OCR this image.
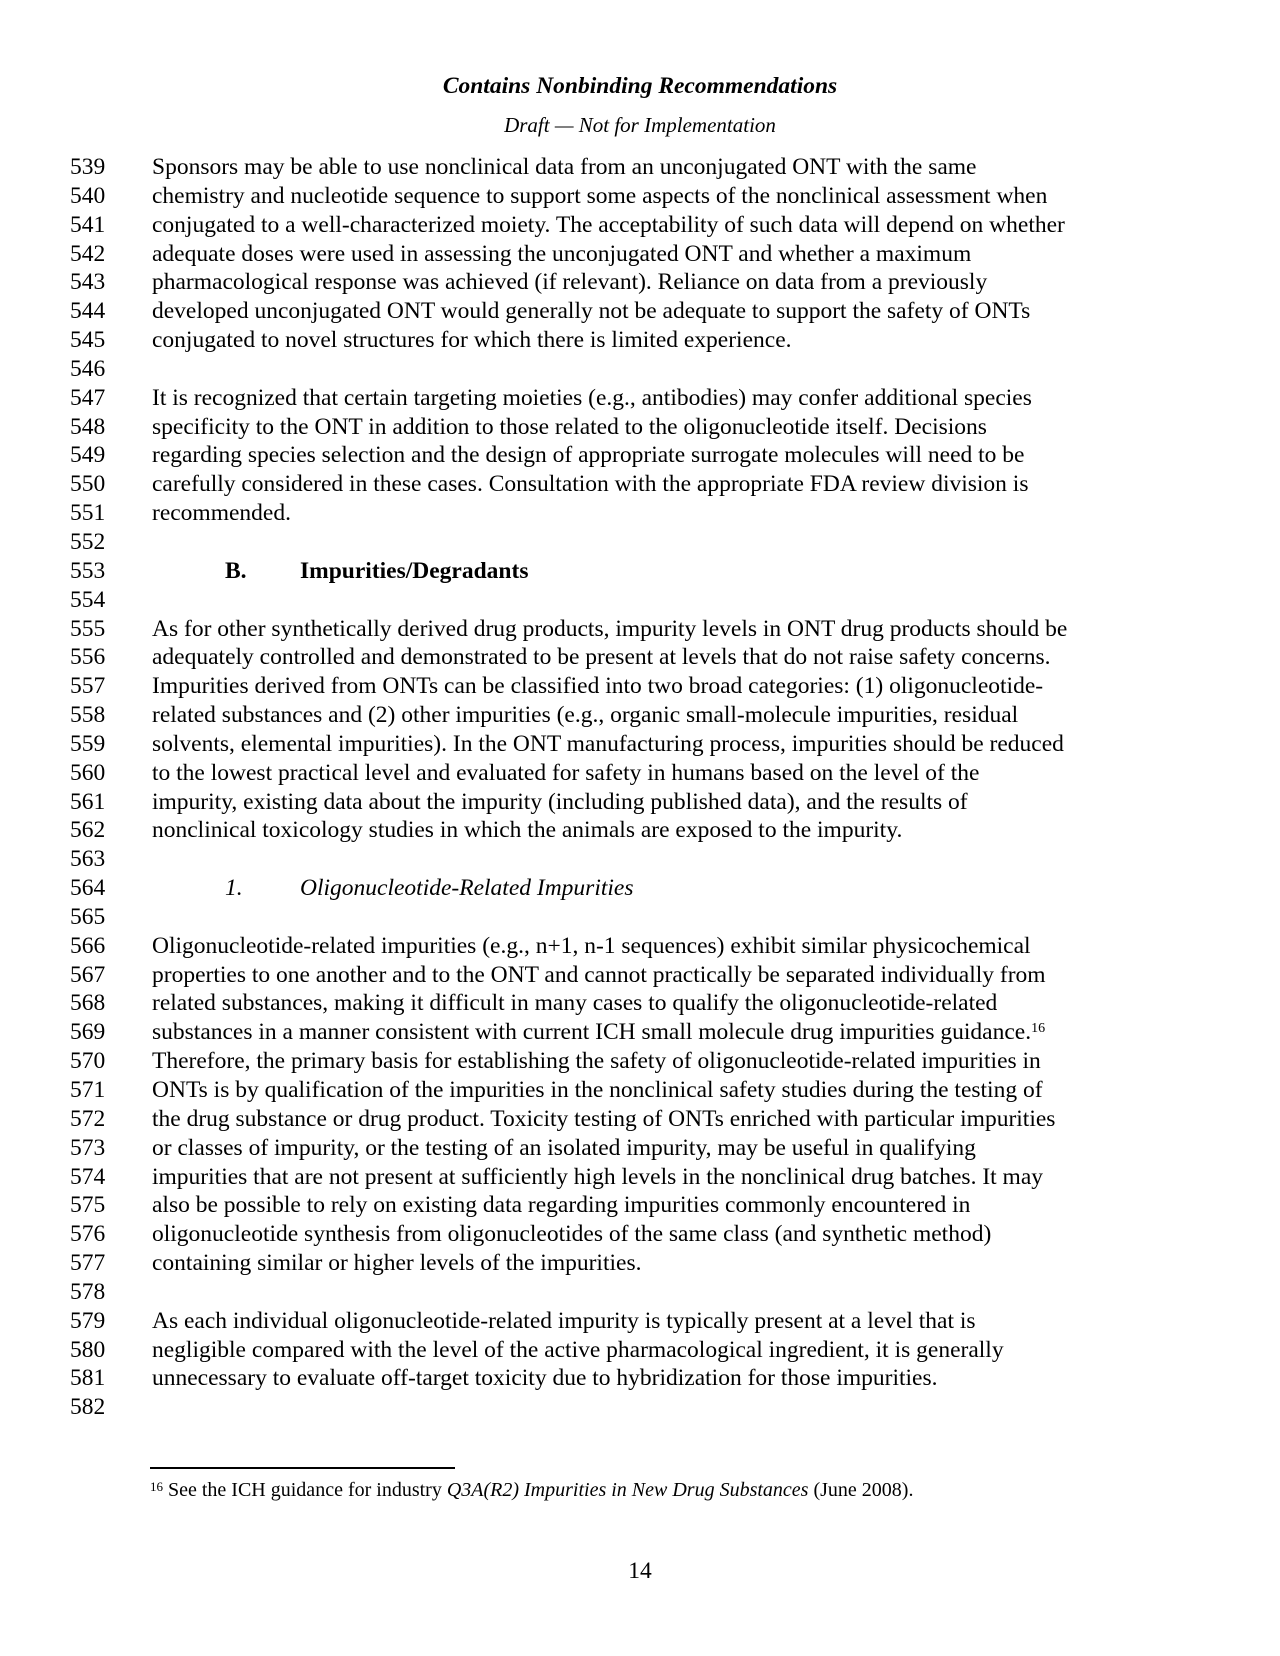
Contains Nonbinding Recommendations
Draft — Not for Implementation
539	Sponsors may be able to use nonclinical data from an unconjugated ONT with the same
540	chemistry and nucleotide sequence to support some aspects of the nonclinical assessment when
541	conjugated to a well-characterized moiety. The acceptability of such data will depend on whether
542	adequate doses were used in assessing the unconjugated ONT and whether a maximum
543	pharmacological response was achieved (if relevant). Reliance on data from a previously
544	developed unconjugated ONT would generally not be adequate to support the safety of ONTs
545	conjugated to novel structures for which there is limited experience.
546
547	It is recognized that certain targeting moieties (e.g., antibodies) may confer additional species
548	specificity to the ONT in addition to those related to the oligonucleotide itself. Decisions
549	regarding species selection and the design of appropriate surrogate molecules will need to be
550	carefully considered in these cases. Consultation with the appropriate FDA review division is
551	recommended.
552
553	B. Impurities/Degradants
554
555	As for other synthetically derived drug products, impurity levels in ONT drug products should be
556	adequately controlled and demonstrated to be present at levels that do not raise safety concerns.
557	Impurities derived from ONTs can be classified into two broad categories: (1) oligonucleotide-
558	related substances and (2) other impurities (e.g., organic small-molecule impurities, residual
559	solvents, elemental impurities). In the ONT manufacturing process, impurities should be reduced
560	to the lowest practical level and evaluated for safety in humans based on the level of the
561	impurity, existing data about the impurity (including published data), and the results of
562	nonclinical toxicology studies in which the animals are exposed to the impurity.
563
564	1. Oligonucleotide-Related Impurities
565
566	Oligonucleotide-related impurities (e.g., n+1, n-1 sequences) exhibit similar physicochemical
567	properties to one another and to the ONT and cannot practically be separated individually from
568	related substances, making it difficult in many cases to qualify the oligonucleotide-related
569	substances in a manner consistent with current ICH small molecule drug impurities guidance.$^{16}$
570	Therefore, the primary basis for establishing the safety of oligonucleotide-related impurities in
571	ONTs is by qualification of the impurities in the nonclinical safety studies during the testing of
572	the drug substance or drug product. Toxicity testing of ONTs enriched with particular impurities
573	or classes of impurity, or the testing of an isolated impurity, may be useful in qualifying
574	impurities that are not present at sufficiently high levels in the nonclinical drug batches. It may
575	also be possible to rely on existing data regarding impurities commonly encountered in
576	oligonucleotide synthesis from oligonucleotides of the same class (and synthetic method)
577	containing similar or higher levels of the impurities.
578
579	As each individual oligonucleotide-related impurity is typically present at a level that is
580	negligible compared with the level of the active pharmacological ingredient, it is generally
581	unnecessary to evaluate off-target toxicity due to hybridization for those impurities.
582
$^{16}$ See the ICH guidance for industry Q3A(R2) Impurities in New Drug Substances (June 2008).
14
